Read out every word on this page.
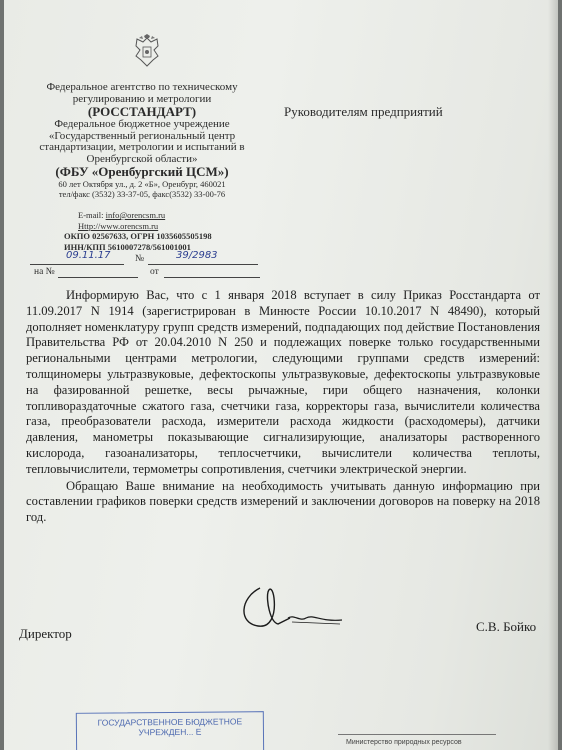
Федеральное агентство по техническому регулированию и метрологии
(РОССТАНДАРТ)
Федеральное бюджетное учреждение «Государственный региональный центр стандартизации, метрологии и испытаний в Оренбургской области»
(ФБУ «Оренбургский ЦСМ»)
60 лет Октября ул., д. 2 «Б», Оренбург, 460021
тел/факс (3532) 33-37-05, факс(3532) 33-00-76
E-mail: info@orencsm.ru
Http://www.orencsm.ru
ОКПО 02567633, ОГРН 1035605505198
ИНН/КПП 5610007278/561001001
09.11.17	№	39/2983
на №	от
Руководителям предприятий

Информирую Вас, что с 1 января 2018 вступает в силу Приказ Росстандарта от 11.09.2017 N 1914 (зарегистрирован в Минюсте России 10.10.2017 N 48490), который дополняет номенклатуру групп средств измерений, подпадающих под действие Постановления Правительства РФ от 20.04.2010 N 250 и подлежащих поверке только государственными региональными центрами метрологии, следующими группами средств измерений: толщиномеры ультразвуковые, дефектоскопы ультразвуковые, дефектоскопы ультразвуковые на фазированной решетке, весы рычажные, гири общего назначения, колонки топливораздаточные сжатого газа, счетчики газа, корректоры газа, вычислители количества газа, преобразователи расхода, измерители расхода жидкости (расходомеры), датчики давления, манометры показывающие сигнализирующие, анализаторы растворенного кислорода, газоанализаторы, теплосчетчики, вычислители количества теплоты, тепловычислители, термометры сопротивления, счетчики электрической энергии.

Обращаю Ваше внимание на необходимость учитывать данную информацию при составлении графиков поверки средств измерений и заключении договоров на поверку на 2018 год.

Директор	С.В. Бойко
ГОСУДАРСТВЕННОЕ БЮДЖЕТНОЕ
УЧРЕЖДЕН... Е
Министерство природных ресурсов
